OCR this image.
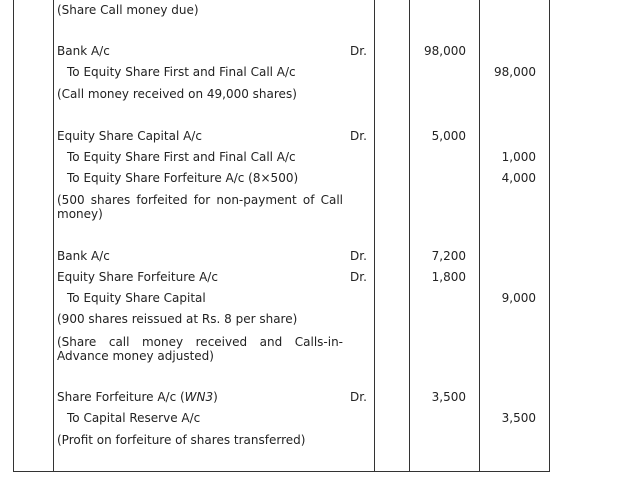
(Share Call money due)
Bank A/c	Dr.	98,000
To Equity Share First and Final Call A/c	98,000
(Call money received on 49,000 shares)
Equity Share Capital A/c	Dr.	5,000
To Equity Share First and Final Call A/c	1,000
To Equity Share Forfeiture A/c (8×500)	4,000
(500 shares forfeited for non-payment of Call money)
Bank A/c	Dr.	7,200
Equity Share Forfeiture A/c	Dr.	1,800
To Equity Share Capital	9,000
(900 shares reissued at Rs. 8 per share)
(Share call money received and Calls-in-Advance money adjusted)
Share Forfeiture A/c (WN3)	Dr.	3,500
To Capital Reserve A/c	3,500
(Profit on forfeiture of shares transferred)
